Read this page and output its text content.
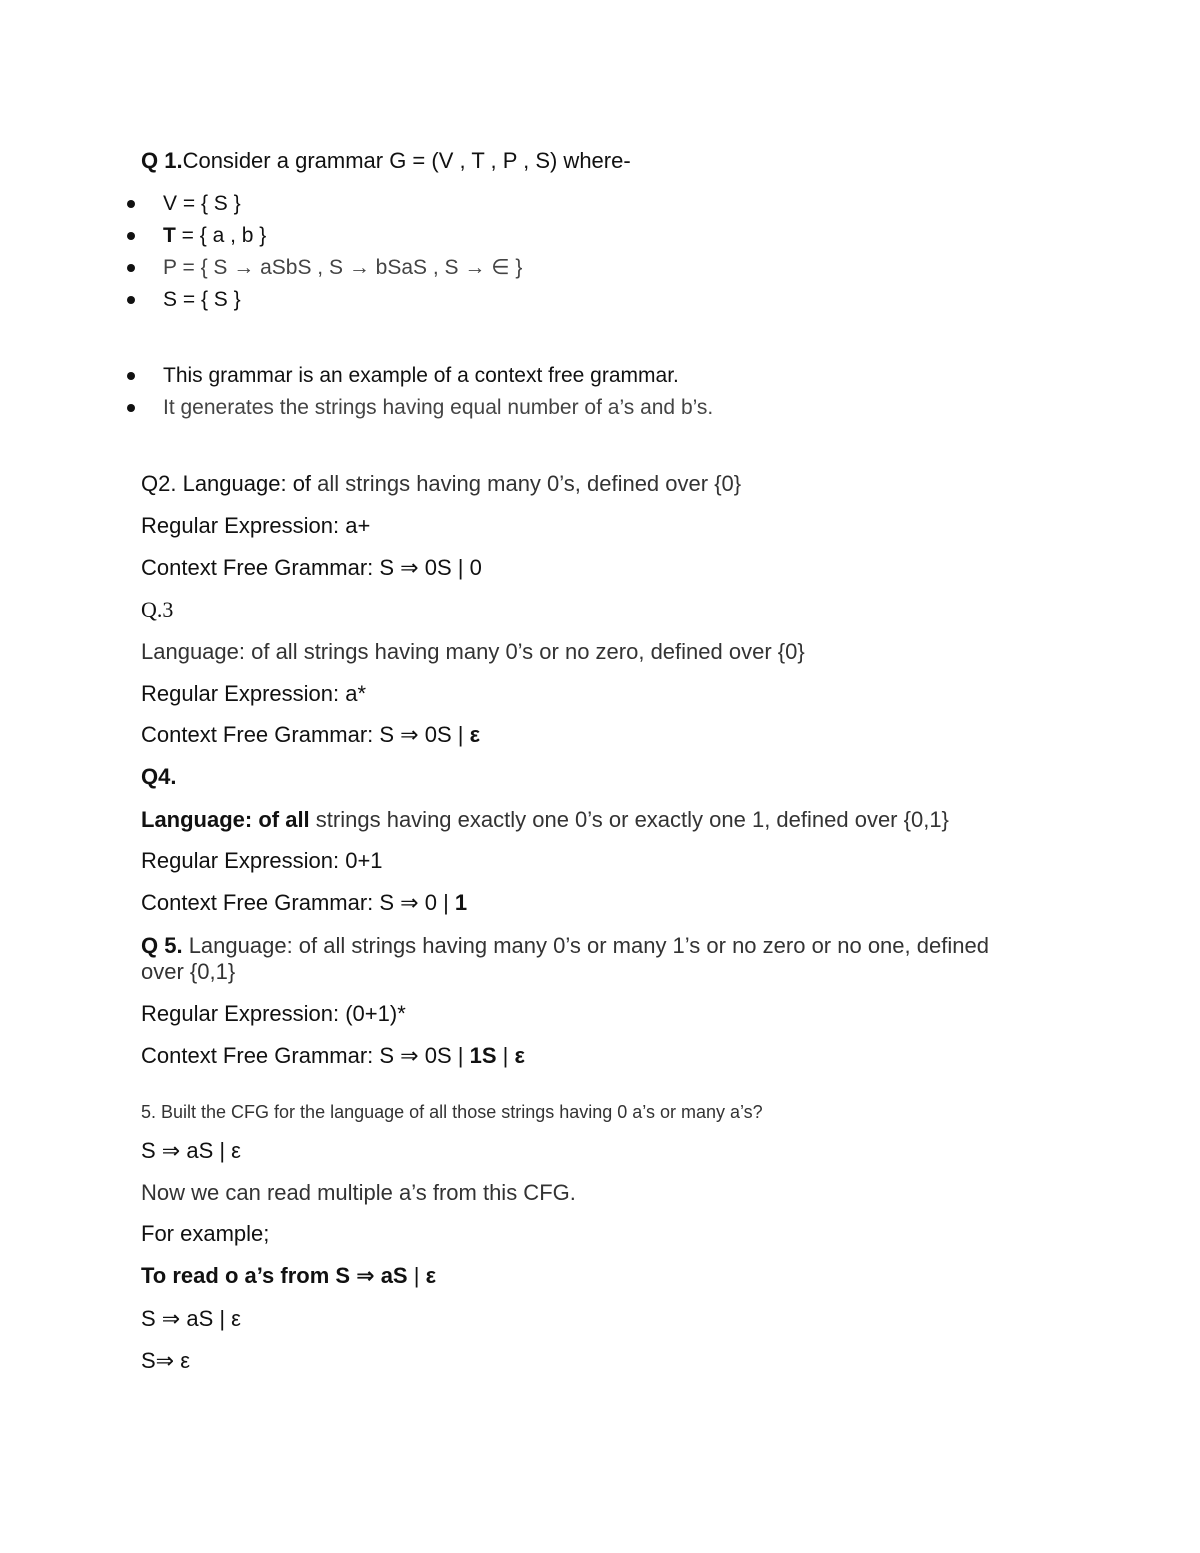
Q 1.Consider a grammar G = (V , T , P , S) where-
V = { S }
T = { a , b }
P = { S → aSbS , S → bSaS , S → ∈ }
S = { S }
This grammar is an example of a context free grammar.
It generates the strings having equal number of a’s and b’s.
Q2. Language: of all strings having many 0’s, defined over {0}
Regular Expression: a+
Context Free Grammar: S ⇒ 0S | 0
Q.3
Language: of all strings having many 0’s or no zero, defined over {0}
Regular Expression: a*
Context Free Grammar: S ⇒ 0S | ε
Q4.
Language: of all strings having exactly one 0’s or exactly one 1, defined over {0,1}
Regular Expression: 0+1
Context Free Grammar: S ⇒ 0 | 1
Q 5. Language: of all strings having many 0’s or many 1’s or no zero or no one, defined
over {0,1}
Regular Expression: (0+1)*
Context Free Grammar: S ⇒ 0S | 1S | ε
5. Built the CFG for the language of all those strings having 0 a’s or many a’s?
S ⇒ aS | ε
Now we can read multiple a’s from this CFG.
For example;
To read o a’s from S ⇒ aS | ε
S ⇒ aS | ε
S⇒ ε
